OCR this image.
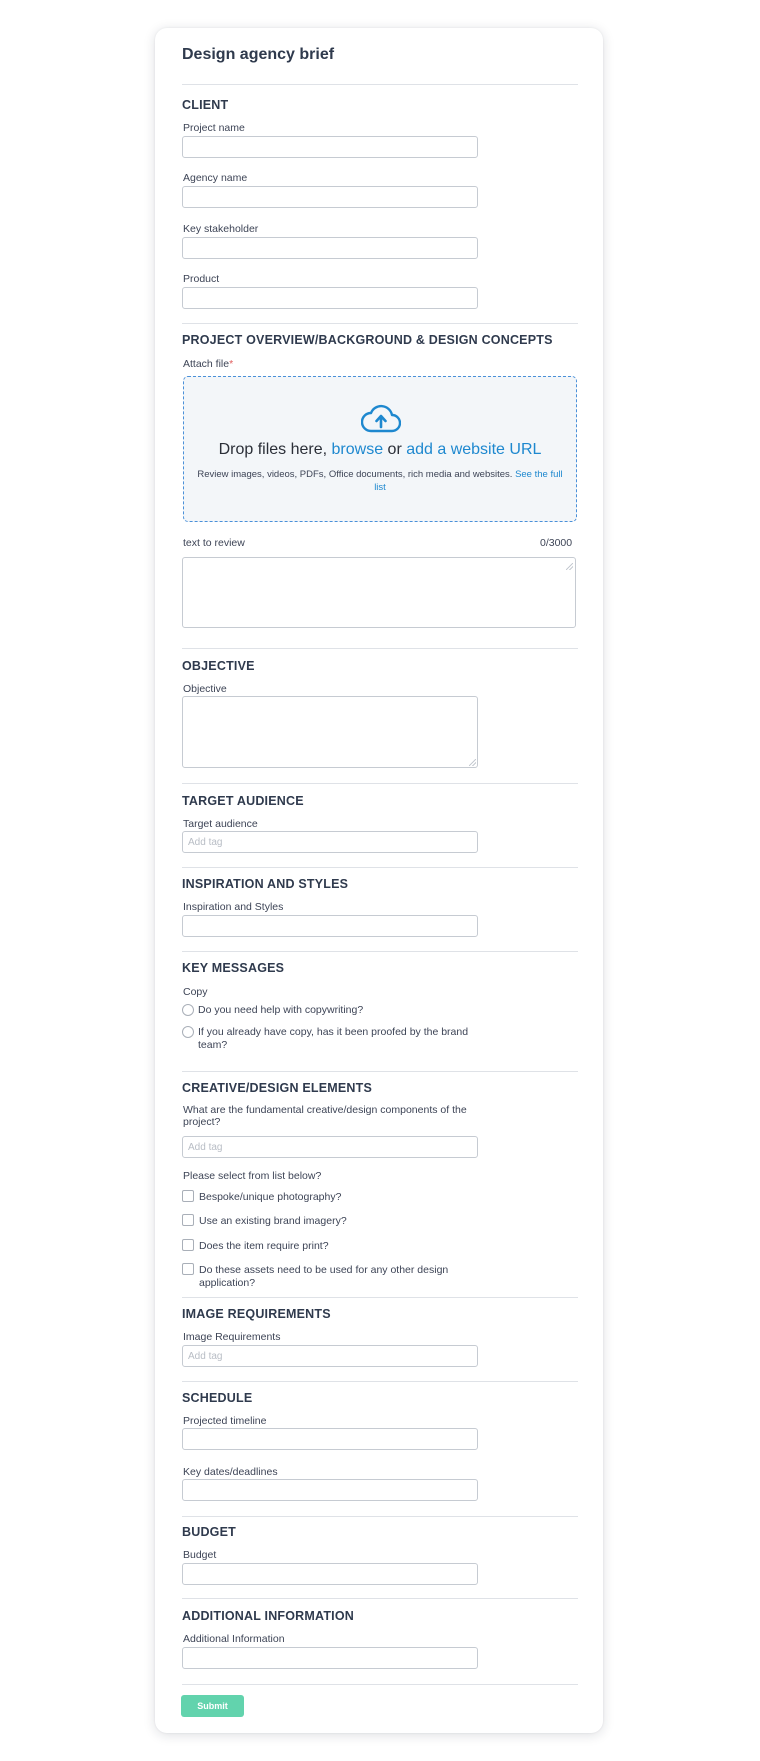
Design agency brief
CLIENT
Project name
Agency name
Key stakeholder
Product
PROJECT OVERVIEW/BACKGROUND & DESIGN CONCEPTS
Attach file*
Drop files here, browse or add a website URL
Review images, videos, PDFs, Office documents, rich media and websites. See the full list
text to review	0/3000
OBJECTIVE
Objective
TARGET AUDIENCE
Target audience
Add tag
INSPIRATION AND STYLES
Inspiration and Styles
KEY MESSAGES
Copy
Do you need help with copywriting?
If you already have copy, has it been proofed by the brand team?
CREATIVE/DESIGN ELEMENTS
What are the fundamental creative/design components of the project?
Add tag
Please select from list below?
Bespoke/unique photography?
Use an existing brand imagery?
Does the item require print?
Do these assets need to be used for any other design application?
IMAGE REQUIREMENTS
Image Requirements
Add tag
SCHEDULE
Projected timeline
Key dates/deadlines
BUDGET
Budget
ADDITIONAL INFORMATION
Additional Information
Submit
